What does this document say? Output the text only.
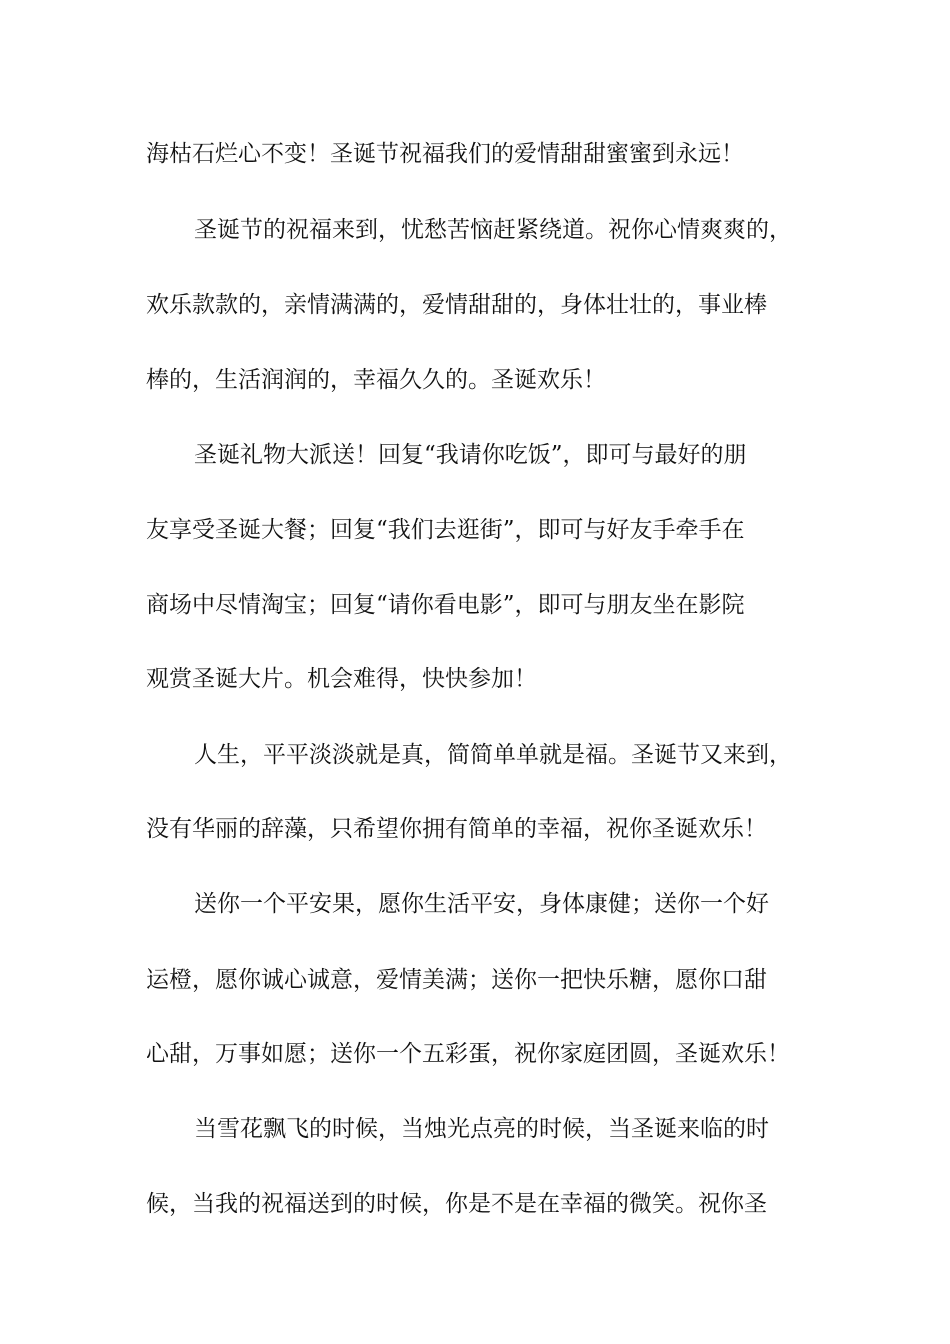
海枯石烂心不变！圣诞节祝福我们的爱情甜甜蜜蜜到永远！
圣诞节的祝福来到，忧愁苦恼赶紧绕道。祝你心情爽爽的，
欢乐款款的，亲情满满的，爱情甜甜的，身体壮壮的，事业棒
棒的，生活润润的，幸福久久的。圣诞欢乐！
圣诞礼物大派送！回复“我请你吃饭”，即可与最好的朋
友享受圣诞大餐；回复“我们去逛街”，即可与好友手牵手在
商场中尽情淘宝；回复“请你看电影”，即可与朋友坐在影院
观赏圣诞大片。机会难得，快快参加！
人生，平平淡淡就是真，简简单单就是福。圣诞节又来到，
没有华丽的辞藻，只希望你拥有简单的幸福，祝你圣诞欢乐！
送你一个平安果，愿你生活平安，身体康健；送你一个好
运橙，愿你诚心诚意，爱情美满；送你一把快乐糖，愿你口甜
心甜，万事如愿；送你一个五彩蛋，祝你家庭团圆，圣诞欢乐！
当雪花飘飞的时候，当烛光点亮的时候，当圣诞来临的时
候，当我的祝福送到的时候，你是不是在幸福的微笑。祝你圣
